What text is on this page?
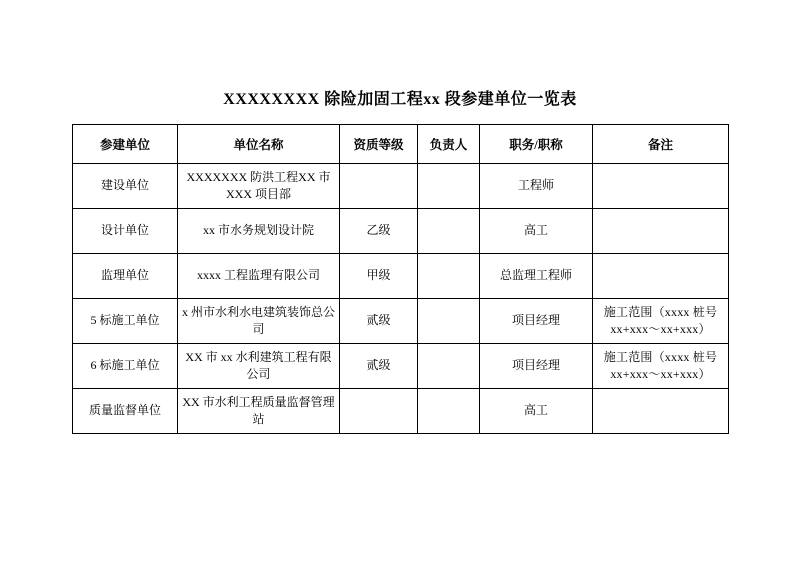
XXXXXXXX 除险加固工程xx 段参建单位一览表
参建单位	单位名称	资质等级	负责人	职务/职称	备注
建设单位	XXXXXXX 防洪工程XX 市XXX 项目部			工程师	
设计单位	xx 市水务规划设计院	乙级		高工	
监理单位	xxxx 工程监理有限公司	甲级		总监理工程师	
5 标施工单位	x 州市水利水电建筑装饰总公司	贰级		项目经理	施工范围（xxxx 桩号xx+xxx～xx+xxx）
6 标施工单位	XX 市 xx 水利建筑工程有限公司	贰级		项目经理	施工范围（xxxx 桩号xx+xxx～xx+xxx）
质量监督单位	XX 市水利工程质量监督管理站			高工	
